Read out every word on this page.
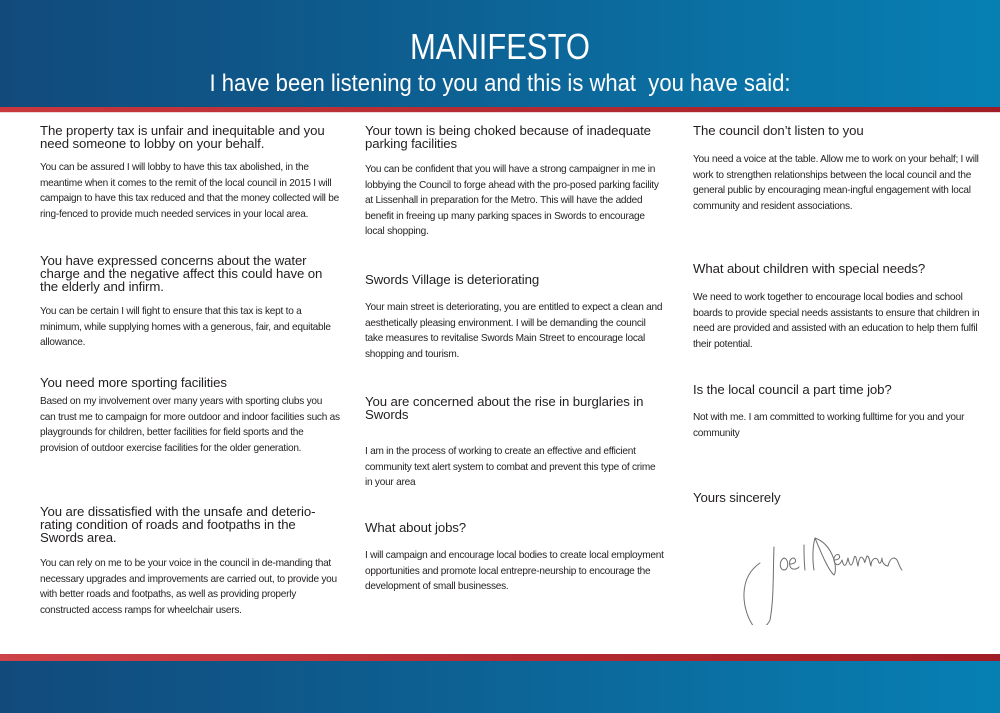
MANIFESTO
I have been listening to you and this is what  you have said:
The property tax is unfair and inequitable and you need someone to lobby on your behalf.

You can be assured I will lobby to have this tax abolished, in the meantime when it comes to the remit of the local council in 2015 I will campaign to have this tax reduced and that the money collected will be ring-fenced to provide much needed services in your local area.

You have expressed concerns about the water charge and the negative affect this could have on the elderly and infirm.

You can be certain I will fight to ensure that this tax is kept to a minimum, while supplying homes with a generous, fair, and equitable allowance.

You need more sporting facilities

Based on my involvement over many years with sporting clubs you can trust me to campaign for more outdoor and indoor facilities such as playgrounds for children, better facilities for field sports and the provision of outdoor exercise facilities for the older generation.

You are dissatisfied with the unsafe and deterio-rating condition of roads and footpaths in the Swords area.

You can rely on me to be your voice in the council in de-manding that necessary upgrades and improvements are carried out, to provide you with better roads and footpaths, as well as providing properly constructed access ramps for wheelchair users.

Your town is being choked because of inadequate parking facilities

You can be confident that you will have a strong campaigner in me in lobbying the Council to forge ahead with the pro-posed parking facility at Lissenhall in preparation for the Metro. This will have the added benefit in freeing up many parking spaces in Swords to encourage local shopping.

Swords Village is deteriorating

Your main street is deteriorating, you are entitled to expect a clean and aesthetically pleasing environment. I will be demanding the council take measures to revitalise Swords Main Street to encourage local shopping and tourism.

You are concerned about the rise in burglaries in Swords

I am in the process of working to create an effective and efficient community text alert system to combat and prevent this type of crime in your area

What about jobs?

I will campaign and encourage local bodies to create local employment opportunities and promote local entrepre-neurship to encourage the development of small businesses.

The council don’t listen to you

You need a voice at the table. Allow me to work on your behalf; I will work to strengthen relationships between the local council and the general public by encouraging mean-ingful engagement with local community and resident associations.

What about children with special needs?

We need to work together to encourage local bodies and school boards to provide special needs assistants to ensure that children in need are provided and assisted with an education to help them fulfil their potential.

Is the local council a part time job?

Not with me. I am committed to working fulltime for you and your community

Yours sincerely
